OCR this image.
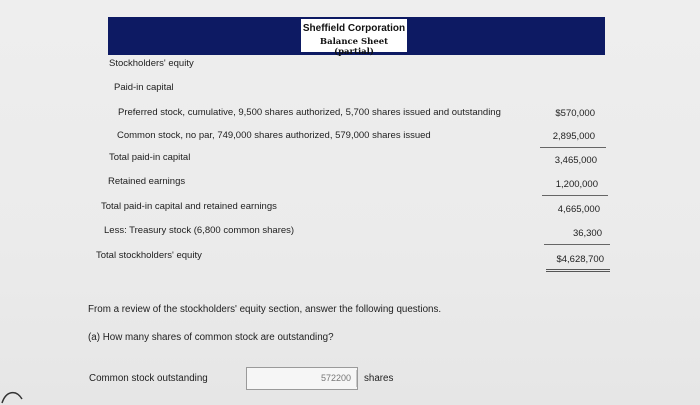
Sheffield Corporation
Balance Sheet (partial)
Stockholders' equity
Paid-in capital
Preferred stock, cumulative, 9,500 shares authorized, 5,700 shares issued and outstanding	$570,000
Common stock, no par, 749,000 shares authorized, 579,000 shares issued	2,895,000
Total paid-in capital	3,465,000
Retained earnings	1,200,000
Total paid-in capital and retained earnings	4,665,000
Less: Treasury stock (6,800 common shares)	36,300
Total stockholders' equity	$4,628,700
From a review of the stockholders' equity section, answer the following questions.
(a) How many shares of common stock are outstanding?
Common stock outstanding	572200 shares
